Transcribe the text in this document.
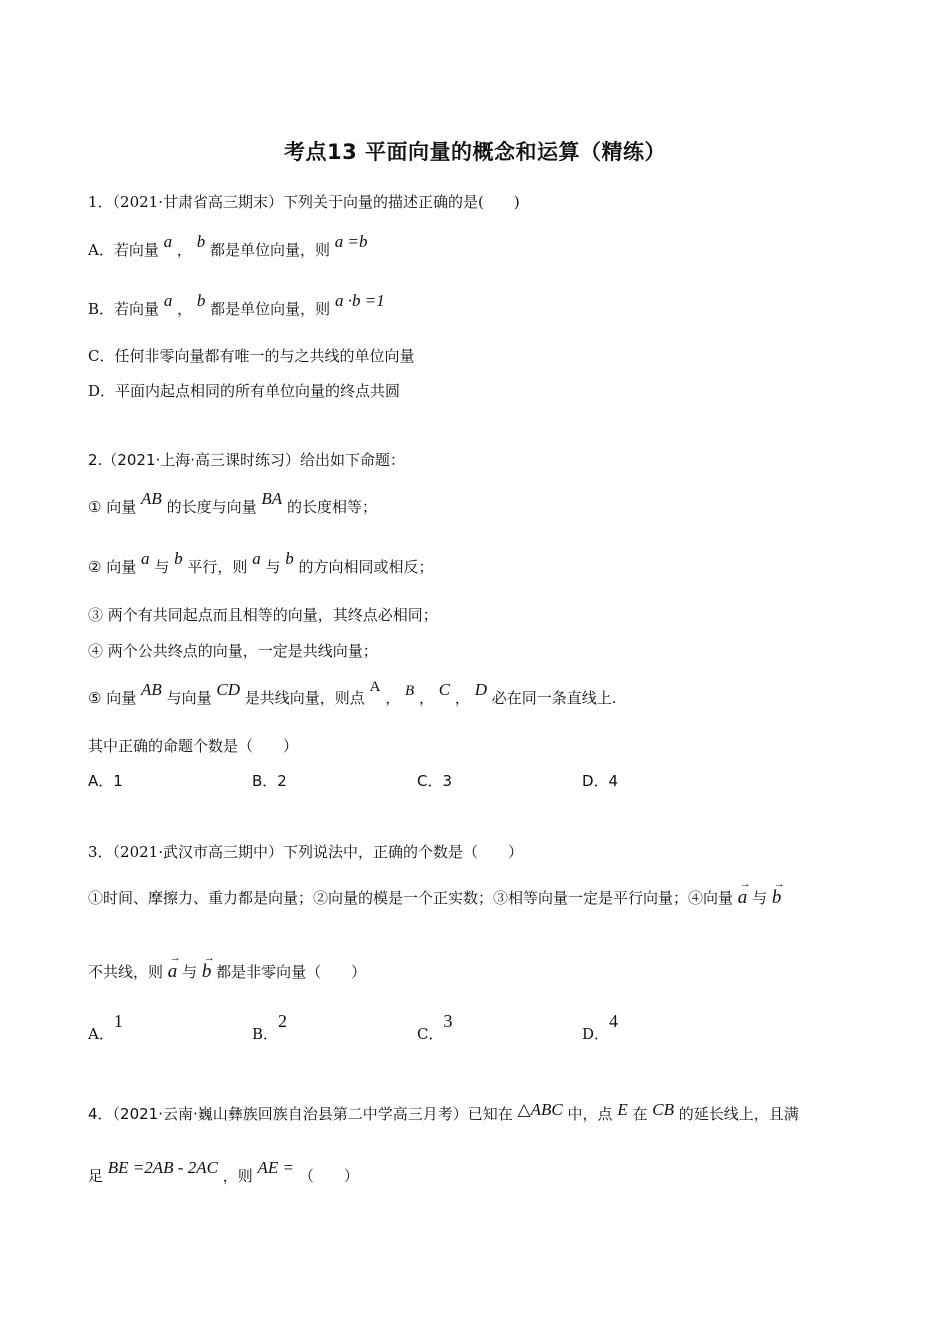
考点13 平面向量的概念和运算（精练）
1．（2021·甘肃省高三期末）下列关于向量的描述正确的是(　　)
A．若向量 a ， b 都是单位向量，则 a =b
B．若向量 a ， b 都是单位向量，则 a ·b =1
C．任何非零向量都有唯一的与之共线的单位向量
D．平面内起点相同的所有单位向量的终点共圆
2.（2021·上海·高三课时练习）给出如下命题：
① 向量 AB 的长度与向量 BA 的长度相等；
② 向量 a 与 b 平行，则 a 与 b 的方向相同或相反；
③ 两个有共同起点而且相等的向量，其终点必相同；
④ 两个公共终点的向量，一定是共线向量；
⑤ 向量 AB 与向量 CD 是共线向量，则点 A ， B ， C ， D 必在同一条直线上.
其中正确的命题个数是（　　）
A．1	B．2	C．3	D．4
3．（2021·武汉市高三期中）下列说法中，正确的个数是（　　）
①时间、摩擦力、重力都是向量；②向量的模是一个正实数；③相等向量一定是平行向量；④向量 → a 与 → b
不共线，则 → a 与 → b 都是非零向量（　　）
A．1
B．2
C．3
D．4
4．（2021·云南·巍山彝族回族自治县第二中学高三月考）已知在 △ABC 中，点 E 在 CB 的延长线上，且满
足 BE =2AB - 2AC ，则 AE = （　　）
